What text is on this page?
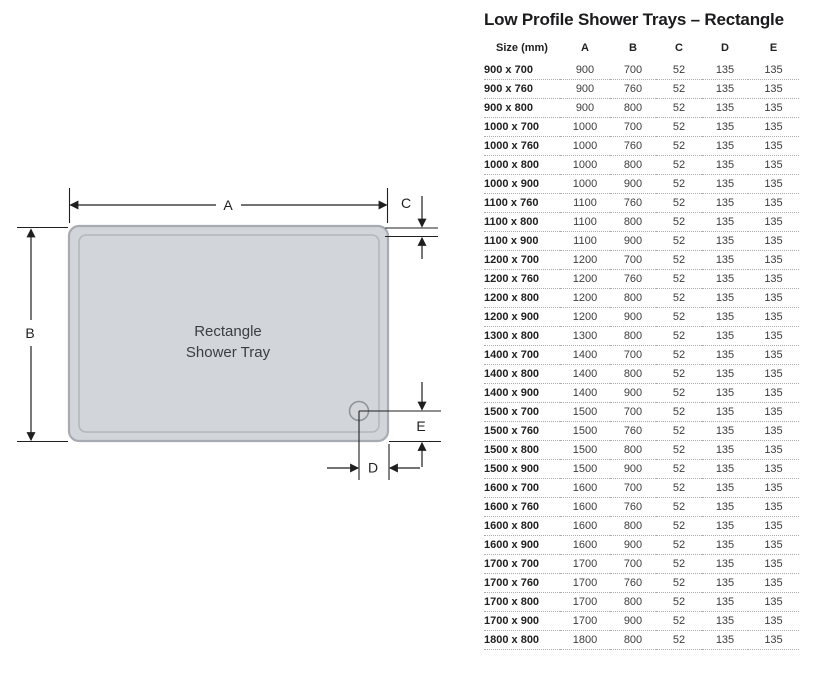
A
B
C
E
D
Rectangle
Shower Tray
Low Profile Shower Trays – Rectangle
Size (mm)	A	B	C	D	E
900 x 700	900	700	52	135	135
900 x 760	900	760	52	135	135
900 x 800	900	800	52	135	135
1000 x 700	1000	700	52	135	135
1000 x 760	1000	760	52	135	135
1000 x 800	1000	800	52	135	135
1000 x 900	1000	900	52	135	135
1100 x 760	1100	760	52	135	135
1100 x 800	1100	800	52	135	135
1100 x 900	1100	900	52	135	135
1200 x 700	1200	700	52	135	135
1200 x 760	1200	760	52	135	135
1200 x 800	1200	800	52	135	135
1200 x 900	1200	900	52	135	135
1300 x 800	1300	800	52	135	135
1400 x 700	1400	700	52	135	135
1400 x 800	1400	800	52	135	135
1400 x 900	1400	900	52	135	135
1500 x 700	1500	700	52	135	135
1500 x 760	1500	760	52	135	135
1500 x 800	1500	800	52	135	135
1500 x 900	1500	900	52	135	135
1600 x 700	1600	700	52	135	135
1600 x 760	1600	760	52	135	135
1600 x 800	1600	800	52	135	135
1600 x 900	1600	900	52	135	135
1700 x 700	1700	700	52	135	135
1700 x 760	1700	760	52	135	135
1700 x 800	1700	800	52	135	135
1700 x 900	1700	900	52	135	135
1800 x 800	1800	800	52	135	135
